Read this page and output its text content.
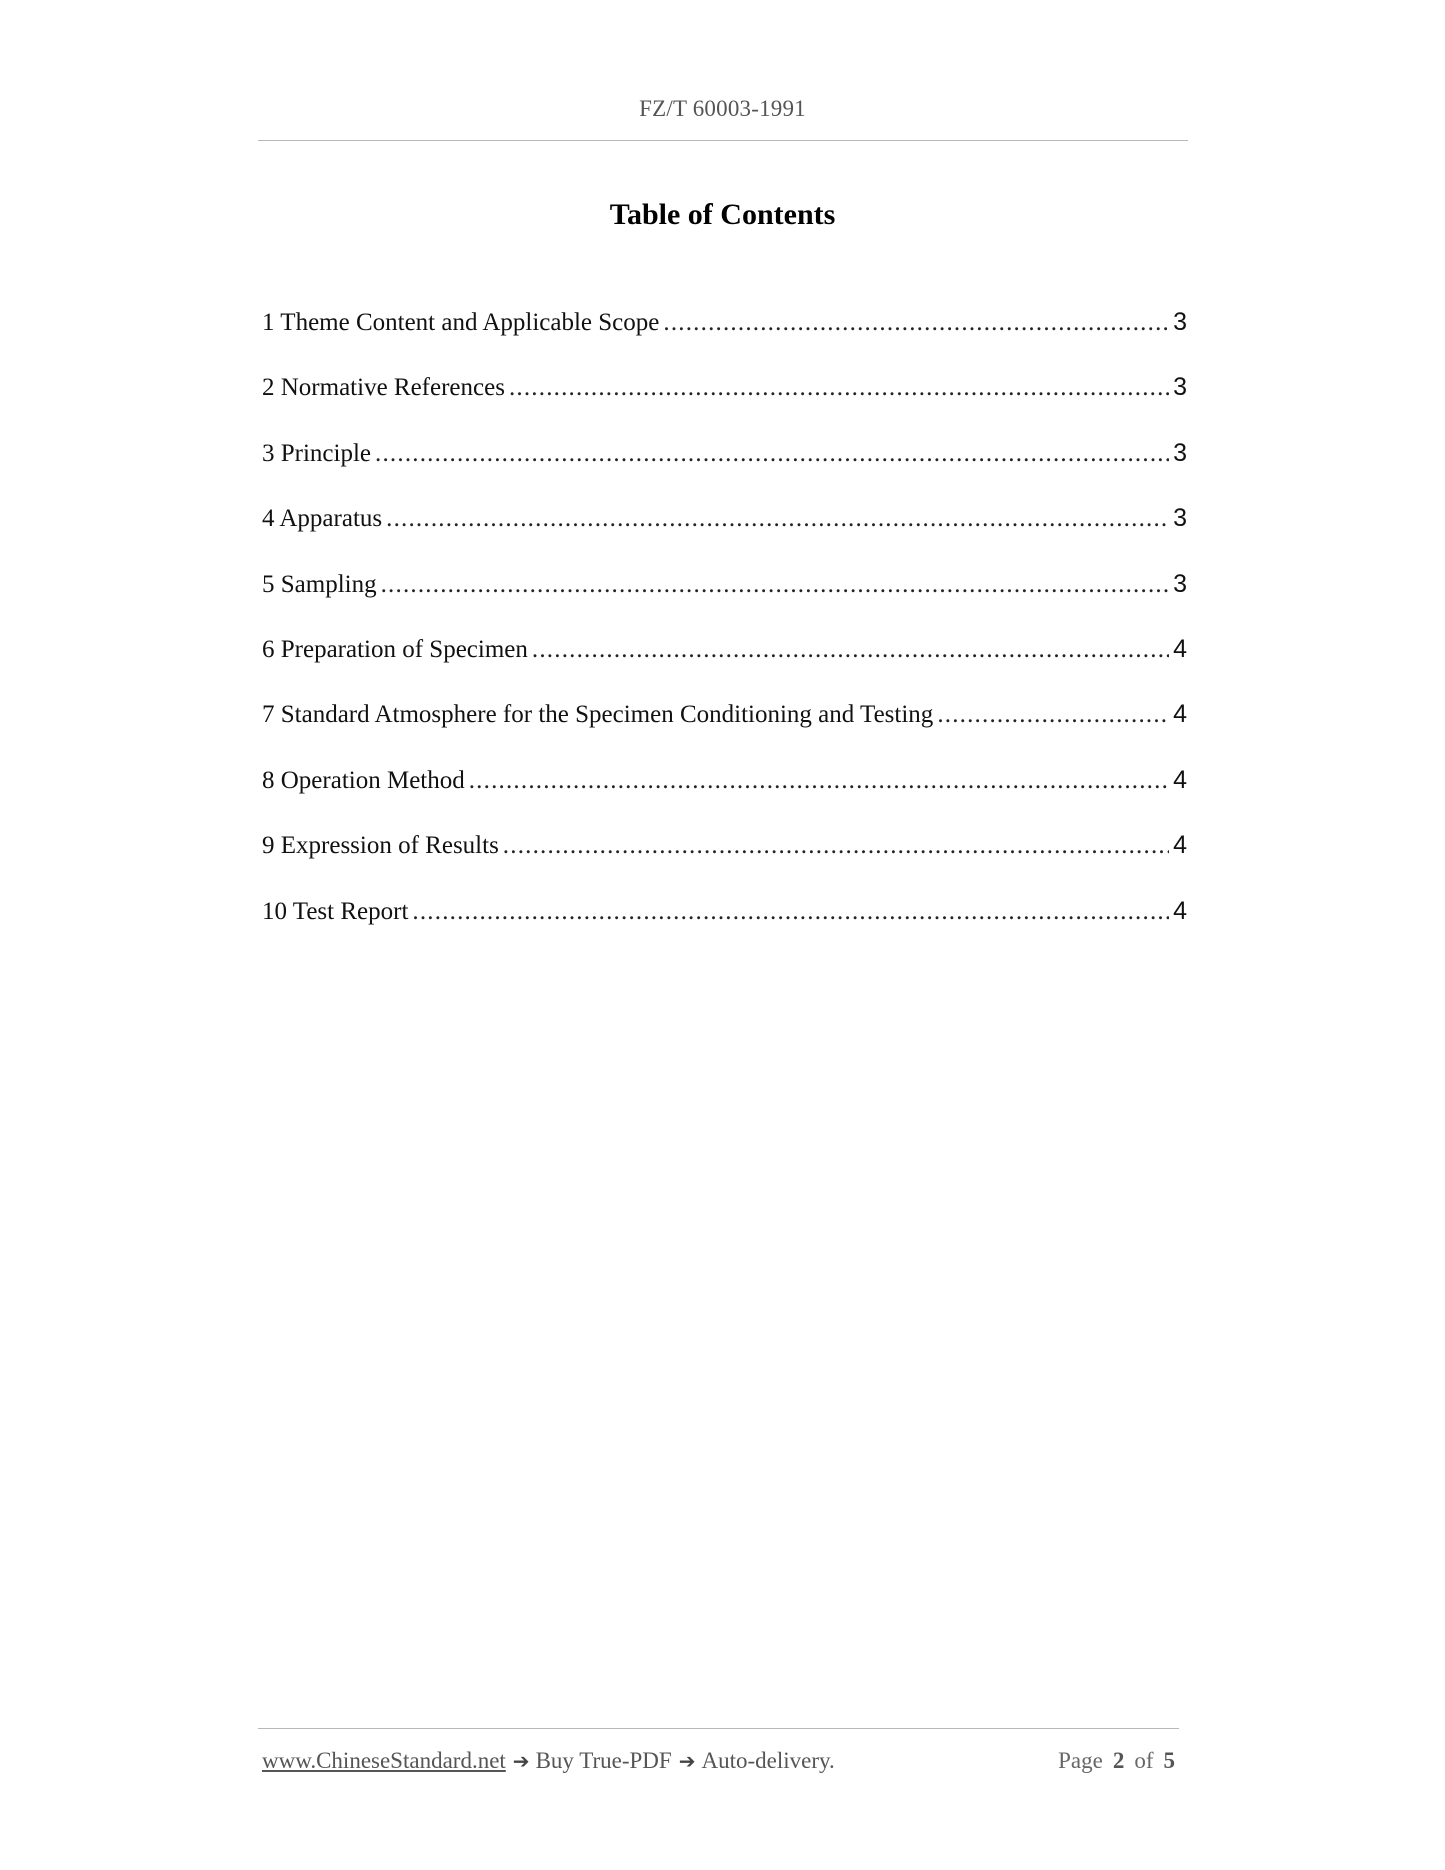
FZ/T 60003-1991
Table of Contents
1 Theme Content and Applicable Scope .....	3
2 Normative References .....	3
3 Principle .....	3
4 Apparatus .....	3
5 Sampling .....	3
6 Preparation of Specimen .....	4
7 Standard Atmosphere for the Specimen Conditioning and Testing .....	4
8 Operation Method .....	4
9 Expression of Results .....	4
10 Test Report .....	4
www.ChineseStandard.net ➔ Buy True-PDF ➔ Auto-delivery.	Page 2 of 5
